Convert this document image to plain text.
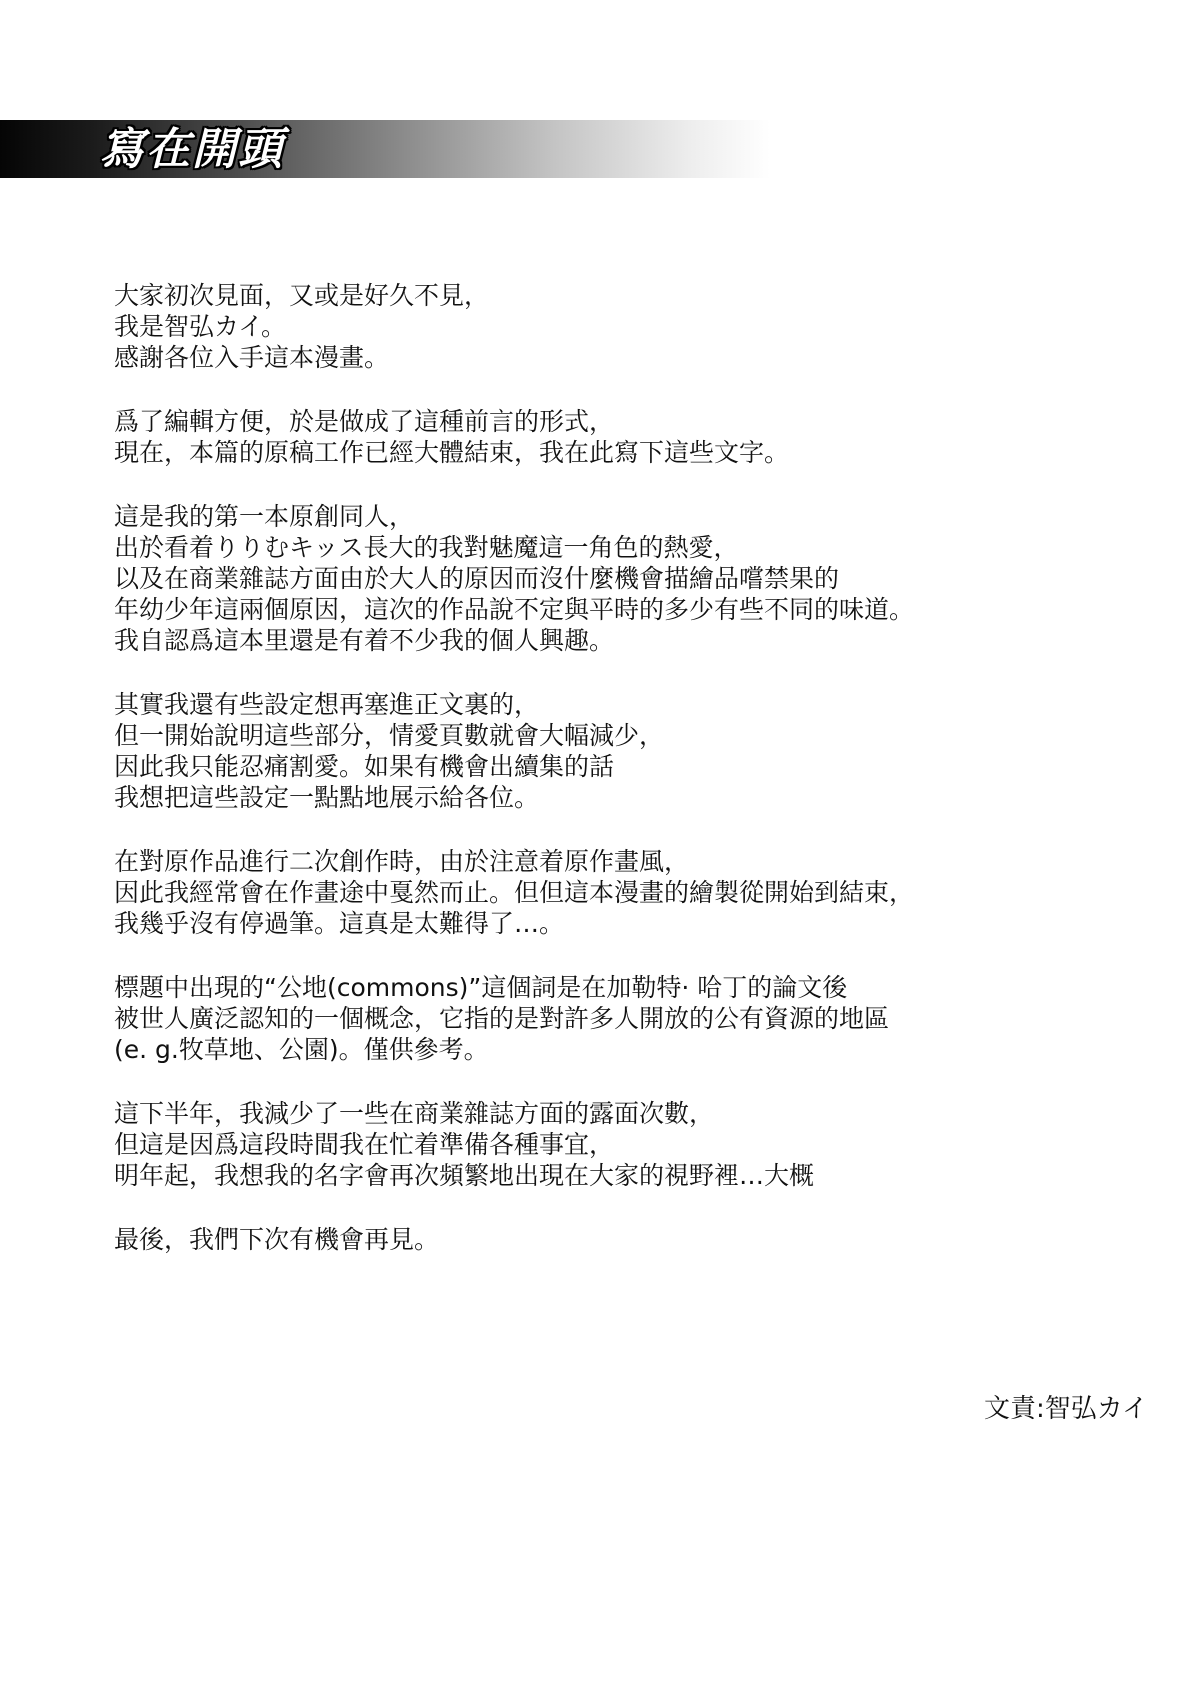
寫在開頭
大家初次見面，又或是好久不見，
我是智弘カイ。
感謝各位入手這本漫畫。
爲了編輯方便，於是做成了這種前言的形式，
現在，本篇的原稿工作已經大體結束，我在此寫下這些文字。
這是我的第一本原創同人，
出於看着りりむキッス長大的我對魅魔這一角色的熱愛，
以及在商業雜誌方面由於大人的原因而沒什麼機會描繪品嚐禁果的
年幼少年這兩個原因，這次的作品說不定與平時的多少有些不同的味道。
我自認爲這本里還是有着不少我的個人興趣。
其實我還有些設定想再塞進正文裏的，
但一開始說明這些部分，情愛頁數就會大幅減少，
因此我只能忍痛割愛。如果有機會出續集的話
我想把這些設定一點點地展示給各位。
在對原作品進行二次創作時，由於注意着原作畫風，
因此我經常會在作畫途中戛然而止。但但這本漫畫的繪製從開始到結束，
我幾乎沒有停過筆。這真是太難得了…。
標題中出現的“公地(commons)”這個詞是在加勒特· 哈丁的論文後
被世人廣泛認知的一個概念，它指的是對許多人開放的公有資源的地區
(e. g.牧草地、公園)。僅供參考。
這下半年，我減少了一些在商業雜誌方面的露面次數，
但這是因爲這段時間我在忙着準備各種事宜，
明年起，我想我的名字會再次頻繁地出現在大家的視野裡…大概
最後，我們下次有機會再見。
文責:智弘カイ
